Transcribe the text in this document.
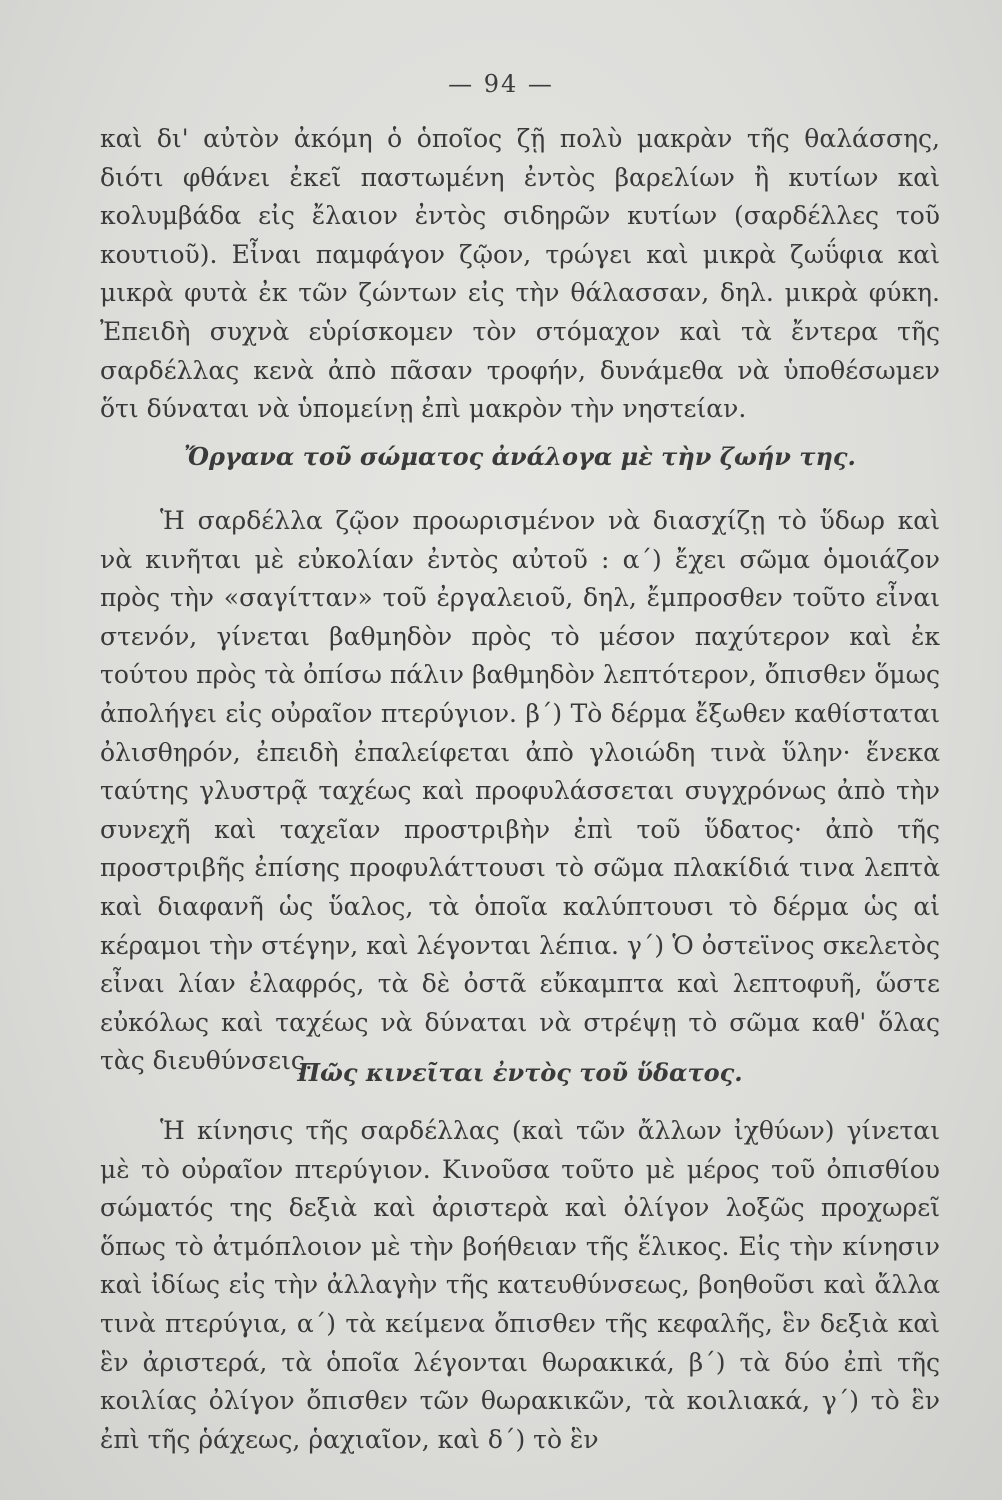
— 94 —

καὶ δι' αὐτὸν ἀκόμη ὁ ὁποῖος ζῇ πολὺ μακρὰν τῆς θαλάσσης, διότι φθάνει ἐκεῖ παστωμένη ἐντὸς βαρελίων ἢ κυτίων καὶ κολυμβάδα εἰς ἔλαιον ἐντὸς σιδηρῶν κυτίων (σαρδέλλες τοῦ κουτιοῦ). Εἶναι παμφάγον ζῷον, τρώγει καὶ μικρὰ ζωΰφια καὶ μικρὰ φυτὰ ἐκ τῶν ζώντων εἰς τὴν θάλασσαν, δηλ. μικρὰ φύκη. Ἐπειδὴ συχνὰ εὑρίσκομεν τὸν στόμαχον καὶ τὰ ἔντερα τῆς σαρδέλλας κενὰ ἀπὸ πᾶσαν τροφήν, δυνάμεθα νὰ ὑποθέσωμεν ὅτι δύναται νὰ ὑπομείνῃ ἐπὶ μακρὸν τὴν νηστείαν.

Ὄργανα τοῦ σώματος ἀνάλογα μὲ τὴν ζωήν της.

Ἡ σαρδέλλα ζῷον προωρισμένον νὰ διασχίζῃ τὸ ὕδωρ καὶ νὰ κινῆται μὲ εὐκολίαν ἐντὸς αὐτοῦ : α΄) ἔχει σῶμα ὁμοιάζον πρὸς τὴν «σαγίτταν» τοῦ ἐργαλειοῦ, δηλ, ἔμπροσθεν τοῦτο εἶναι στενόν, γίνεται βαθμηδὸν πρὸς τὸ μέσον παχύτερον καὶ ἐκ τούτου πρὸς τὰ ὀπίσω πάλιν βαθμηδὸν λεπτότερον, ὄπισθεν ὅμως ἀπολήγει εἰς οὐραῖον πτερύγιον. β΄) Τὸ δέρμα ἔξωθεν καθίσταται ὀλισθηρόν, ἐπειδὴ ἐπαλείφεται ἀπὸ γλοιώδη τινὰ ὕλην· ἕνεκα ταύτης γλυστρᾷ ταχέως καὶ προφυλάσσεται συγχρόνως ἀπὸ τὴν συνεχῆ καὶ ταχεῖαν προστριβὴν ἐπὶ τοῦ ὕδατος· ἀπὸ τῆς προστριβῆς ἐπίσης προφυλάττουσι τὸ σῶμα πλακίδιά τινα λεπτὰ καὶ διαφανῆ ὡς ὕαλος, τὰ ὁποῖα καλύπτουσι τὸ δέρμα ὡς αἱ κέραμοι τὴν στέγην, καὶ λέγονται λέπια. γ΄) Ὁ ὀστεϊνος σκελετὸς εἶναι λίαν ἐλαφρός, τὰ δὲ ὀστᾶ εὔκαμπτα καὶ λεπτοφυῆ, ὥστε εὐκόλως καὶ ταχέως νὰ δύναται νὰ στρέψῃ τὸ σῶμα καθ' ὅλας τὰς διευθύνσεις.

Πῶς κινεῖται ἐντὸς τοῦ ὕδατος.

Ἡ κίνησις τῆς σαρδέλλας (καὶ τῶν ἄλλων ἰχθύων) γίνεται μὲ τὸ οὐραῖον πτερύγιον. Κινοῦσα τοῦτο μὲ μέρος τοῦ ὀπισθίου σώματός της δεξιὰ καὶ ἀριστερὰ καὶ ὀλίγον λοξῶς προχωρεῖ ὅπως τὸ ἀτμόπλοιον μὲ τὴν βοήθειαν τῆς ἕλικος. Εἰς τὴν κίνησιν καὶ ἰδίως εἰς τὴν ἀλλαγὴν τῆς κατευθύνσεως, βοηθοῦσι καὶ ἄλλα τινὰ πτερύγια, α΄) τὰ κείμενα ὄπισθεν τῆς κεφαλῆς, ἓν δεξιὰ καὶ ἓν ἀριστερά, τὰ ὁποῖα λέγονται θωρακικά, β΄) τὰ δύο ἐπὶ τῆς κοιλίας ὀλίγον ὄπισθεν τῶν θωρακικῶν, τὰ κοιλιακά, γ΄) τὸ ἓν ἐπὶ τῆς ῥάχεως, ῥαχιαῖον, καὶ δ΄) τὸ ἓν
